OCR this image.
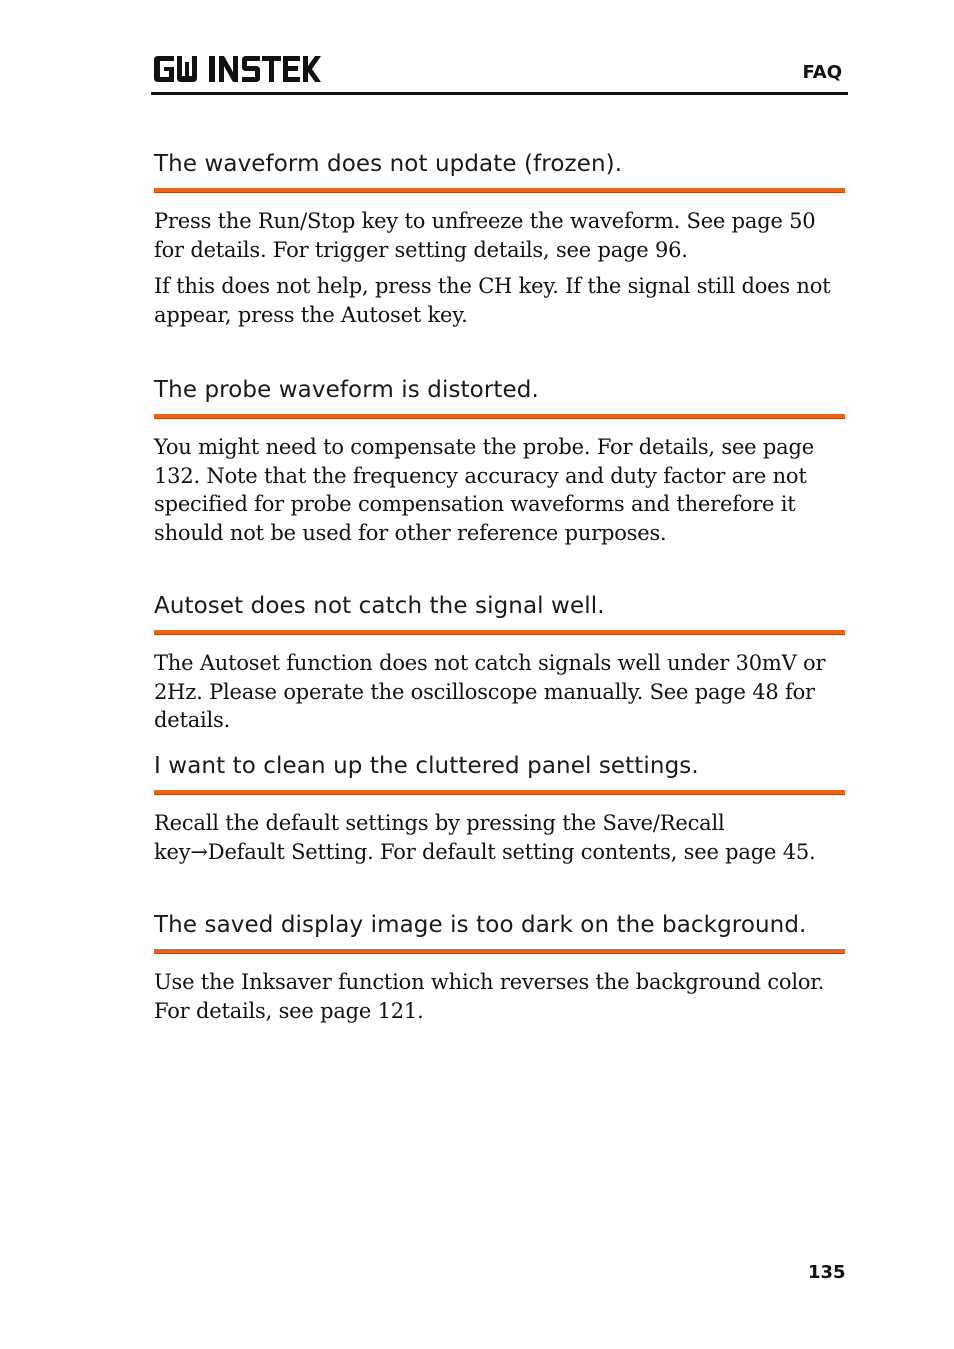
FAQ
The waveform does not update (frozen).

Press the Run/Stop key to unfreeze the waveform. See page 50 for details. For trigger setting details, see page 96.

If this does not help, press the CH key. If the signal still does not appear, press the Autoset key.

The probe waveform is distorted.

You might need to compensate the probe. For details, see page 132. Note that the frequency accuracy and duty factor are not specified for probe compensation waveforms and therefore it should not be used for other reference purposes.

Autoset does not catch the signal well.

The Autoset function does not catch signals well under 30mV or 2Hz. Please operate the oscilloscope manually. See page 48 for details.

I want to clean up the cluttered panel settings.

Recall the default settings by pressing the Save/Recall key→Default Setting. For default setting contents, see page 45.

The saved display image is too dark on the background.

Use the Inksaver function which reverses the background color. For details, see page 121.

135
